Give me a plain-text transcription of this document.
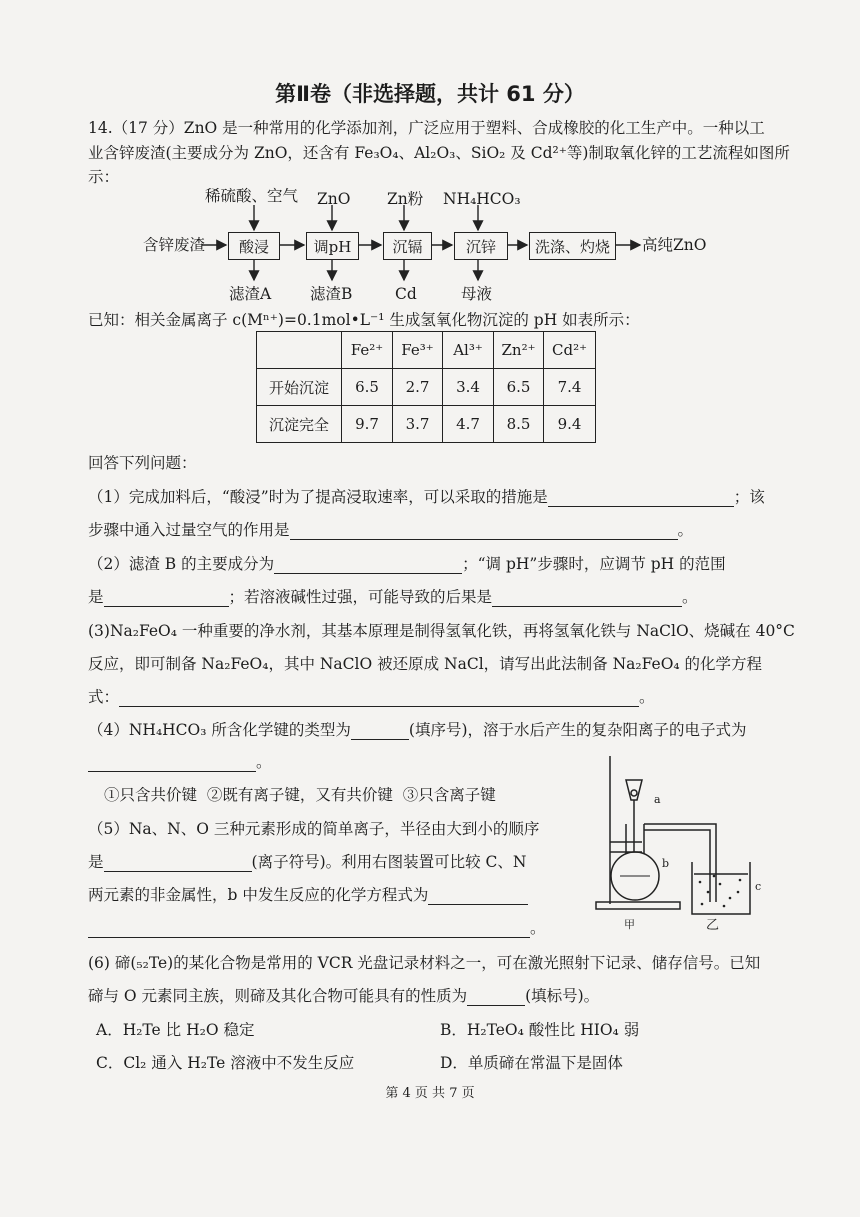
第Ⅱ卷（非选择题，共计 61 分）
14.（17 分）ZnO 是一种常用的化学添加剂，广泛应用于塑料、合成橡胶的化工生产中。一种以工
业含锌废渣(主要成分为 ZnO，还含有 Fe₃O₄、Al₂O₃、SiO₂ 及 Cd²⁺等)制取氧化锌的工艺流程如图所
示：
含锌废渣	酸浸	调pH	沉镉	沉锌	洗涤、灼烧	高纯ZnO
稀硫酸、空气 ZnO Zn粉 NH₄HCO₃
滤渣A	滤渣B	Cd	母液
已知：相关金属离子 c(Mⁿ⁺)=0.1mol•L⁻¹ 生成氢氧化物沉淀的 pH 如表所示：
	Fe²⁺	Fe³⁺	Al³⁺	Zn²⁺	Cd²⁺
开始沉淀	6.5	2.7	3.4	6.5	7.4
沉淀完全	9.7	3.7	4.7	8.5	9.4
回答下列问题：
（1）完成加料后，“酸浸”时为了提高浸取速率，可以采取的措施是	；该
步骤中通入过量空气的作用是	。
（2）滤渣 B 的主要成分为	；“调 pH”步骤时，应调节 pH 的范围
是	；若溶液碱性过强，可能导致的后果是	。
(3)Na₂FeO₄ 一种重要的净水剂，其基本原理是制得氢氧化铁，再将氢氧化铁与 NaClO、烧碱在 40°C
反应，即可制备 Na₂FeO₄，其中 NaClO 被还原成 NaCl，请写出此法制备 Na₂FeO₄ 的化学方程
式：	。
（4）NH₄HCO₃ 所含化学键的类型为	(填序号)，溶于水后产生的复杂阳离子的电子式为
。
①只含共价键  ②既有离子键，又有共价键  ③只含离子键
（5）Na、N、O 三种元素形成的简单离子，半径由大到小的顺序
是	(离子符号)。利用右图装置可比较 C、N
两元素的非金属性，b 中发生反应的化学方程式为
。
a
b
c
甲	乙
(6) 碲(₅₂Te)的某化合物是常用的 VCR 光盘记录材料之一，可在激光照射下记录、储存信号。已知
碲与 O 元素同主族，则碲及其化合物可能具有的性质为	(填标号)。
A．H₂Te 比 H₂O 稳定	B．H₂TeO₄ 酸性比 HIO₄ 弱
C．Cl₂ 通入 H₂Te 溶液中不发生反应	D．单质碲在常温下是固体
第 4 页 共 7 页
